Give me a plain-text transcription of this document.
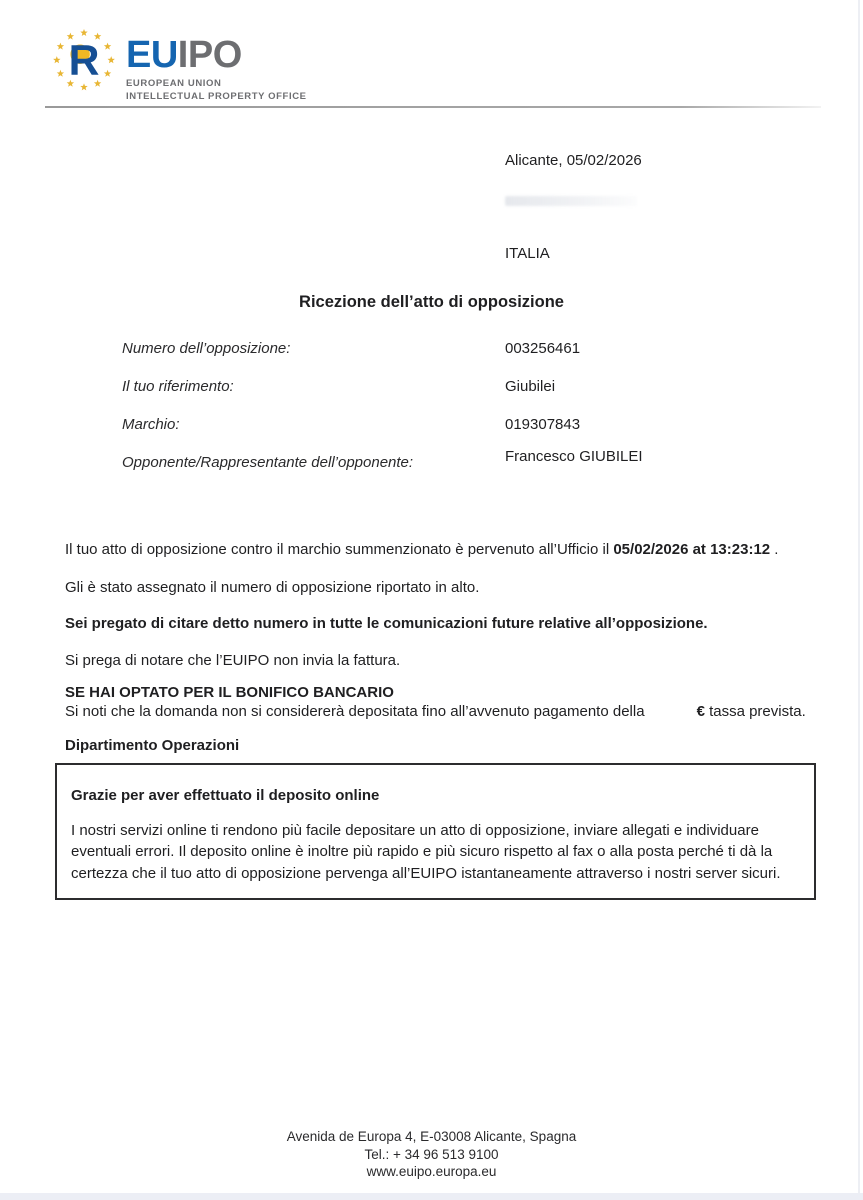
R EUIPO
EUROPEAN UNION
INTELLECTUAL PROPERTY OFFICE
Alicante, 05/02/2026
ITALIA
Ricezione dell’atto di opposizione
Numero dell’opposizione:	003256461
Il tuo riferimento:	Giubilei
Marchio:	019307843
Opponente/Rappresentante dell’opponente:	Francesco GIUBILEI
Il tuo atto di opposizione contro il marchio summenzionato è pervenuto all’Ufficio il 05/02/2026 at 13:23:12 .
Gli è stato assegnato il numero di opposizione riportato in alto.
Sei pregato di citare detto numero in tutte le comunicazioni future relative all’opposizione.
Si prega di notare che l’EUIPO non invia la fattura.
SE HAI OPTATO PER IL BONIFICO BANCARIO
Si noti che la domanda non si considererà depositata fino all’avvenuto pagamento della	€ tassa prevista.
Dipartimento Operazioni
Grazie per aver effettuato il deposito online
I nostri servizi online ti rendono più facile depositare un atto di opposizione, inviare allegati e individuare eventuali errori. Il deposito online è inoltre più rapido e più sicuro rispetto al fax o alla posta perché ti dà la certezza che il tuo atto di opposizione pervenga all’EUIPO istantaneamente attraverso i nostri server sicuri.
Avenida de Europa 4, E-03008 Alicante, Spagna
Tel.: + 34 96 513 9100
www.euipo.europa.eu
